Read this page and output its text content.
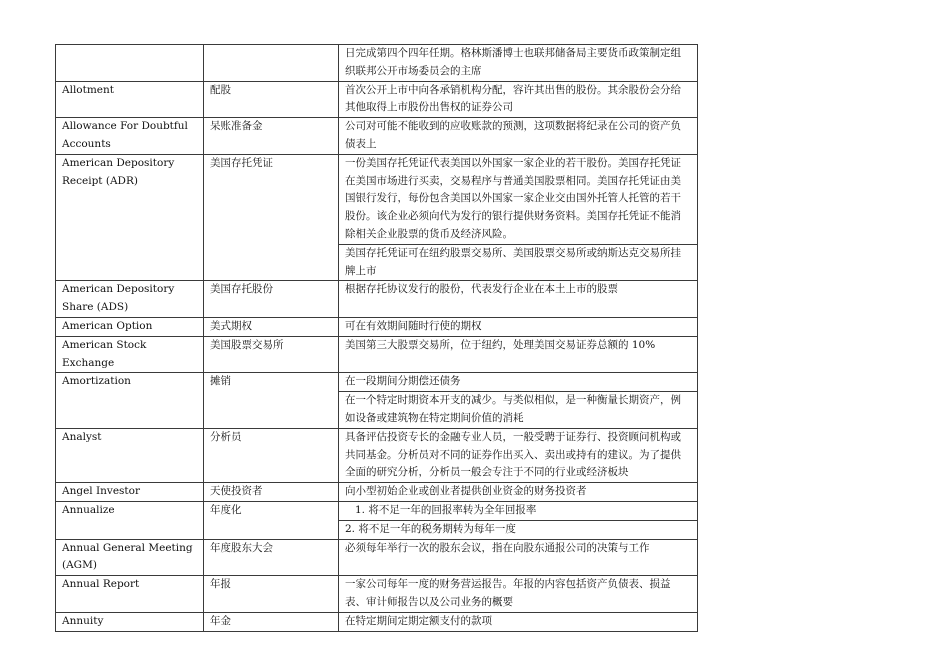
		日完成第四个四年任期。格林斯潘博士也联邦储备局主要货币政策制定组织联邦公开市场委员会的主席

Allotment	配股	首次公开上市中向各承销机构分配，容许其出售的股份。其余股份会分给其他取得上市股份出售权的证券公司

Allowance For Doubtful Accounts	呆账准备金	公司对可能不能收到的应收账款的预测，这项数据将纪录在公司的资产负债表上

American Depository Receipt (ADR)	美国存托凭证	一份美国存托凭证代表美国以外国家一家企业的若干股份。美国存托凭证在美国市场进行买卖，交易程序与普通美国股票相同。美国存托凭证由美国银行发行，每份包含美国以外国家一家企业交由国外托管人托管的若干股份。该企业必须向代为发行的银行提供财务资料。美国存托凭证不能消除相关企业股票的货币及经济风险。
美国存托凭证可在纽约股票交易所、美国股票交易所或纳斯达克交易所挂牌上市

American Depository Share (ADS)	美国存托股份	根据存托协议发行的股份，代表发行企业在本土上市的股票

American Option	美式期权	可在有效期间随时行使的期权

American Stock Exchange	美国股票交易所	美国第三大股票交易所，位于纽约，处理美国交易证券总额的 10%

Amortization	摊销	在一段期间分期偿还债务
在一个特定时期资本开支的减少。与类似相似，是一种衡量长期资产，例如设备或建筑物在特定期间价值的消耗

Analyst	分析员	具备评估投资专长的金融专业人员，一般受聘于证券行、投资顾问机构或共同基金。分析员对不同的证券作出买入、卖出或持有的建议。为了提供全面的研究分析，分析员一般会专注于不同的行业或经济板块

Angel Investor	天使投资者	向小型初始企业或创业者提供创业资金的财务投资者

Annualize	年度化	1. 将不足一年的回报率转为全年回报率
2. 将不足一年的税务期转为每年一度

Annual General Meeting (AGM)	年度股东大会	必须每年举行一次的股东会议，指在向股东通报公司的决策与工作

Annual Report	年报	一家公司每年一度的财务营运报告。年报的内容包括资产负债表、损益表、审计师报告以及公司业务的概要

Annuity	年金	在特定期间定期定额支付的款项
